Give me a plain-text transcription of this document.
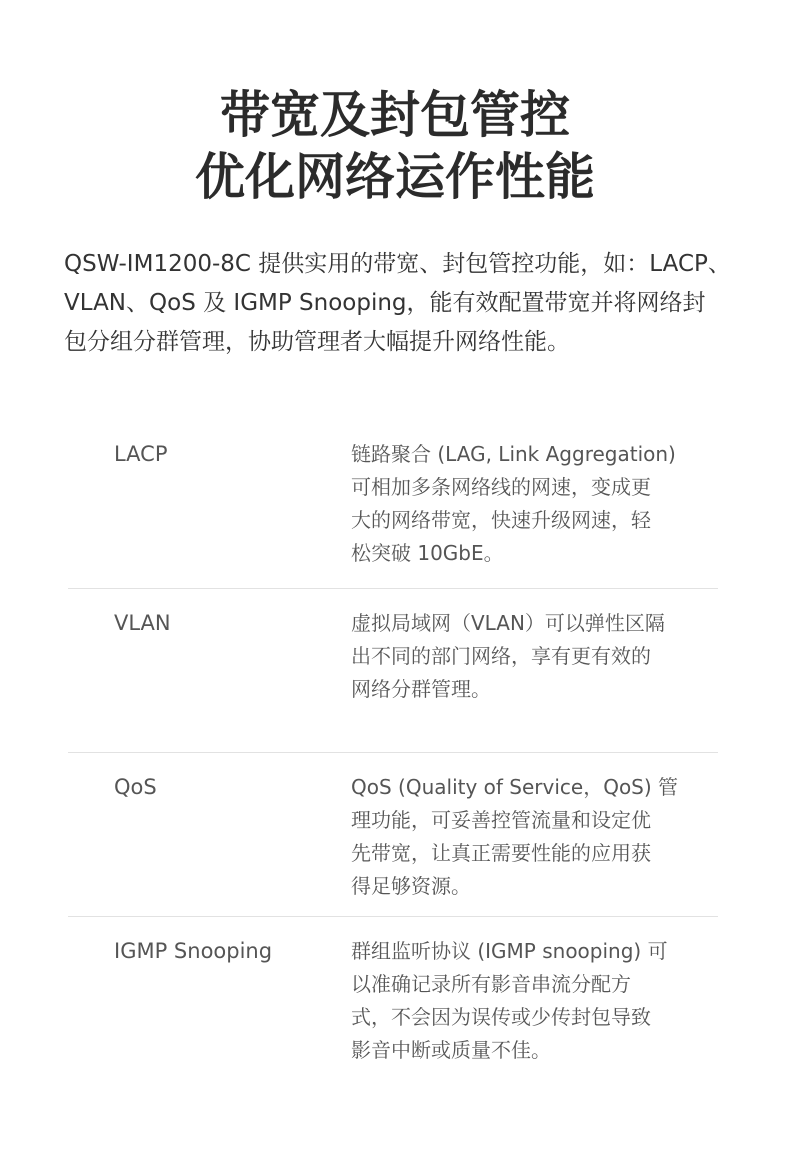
带宽及封包管控
优化网络运作性能
QSW-IM1200-8C 提供实用的带宽、封包管控功能，如：LACP、
VLAN、QoS 及 IGMP Snooping，能有效配置带宽并将网络封
包分组分群管理，协助管理者大幅提升网络性能。
LACP	链路聚合 (LAG, Link Aggregation)
可相加多条网络线的网速，变成更
大的网络带宽，快速升级网速，轻
松突破 10GbE。
VLAN	虚拟局域网（VLAN）可以弹性区隔
出不同的部门网络，享有更有效的
网络分群管理。
QoS	QoS (Quality of Service，QoS) 管
理功能，可妥善控管流量和设定优
先带宽，让真正需要性能的应用获
得足够资源。
IGMP Snooping	群组监听协议 (IGMP snooping) 可
以准确记录所有影音串流分配方
式，不会因为误传或少传封包导致
影音中断或质量不佳。
